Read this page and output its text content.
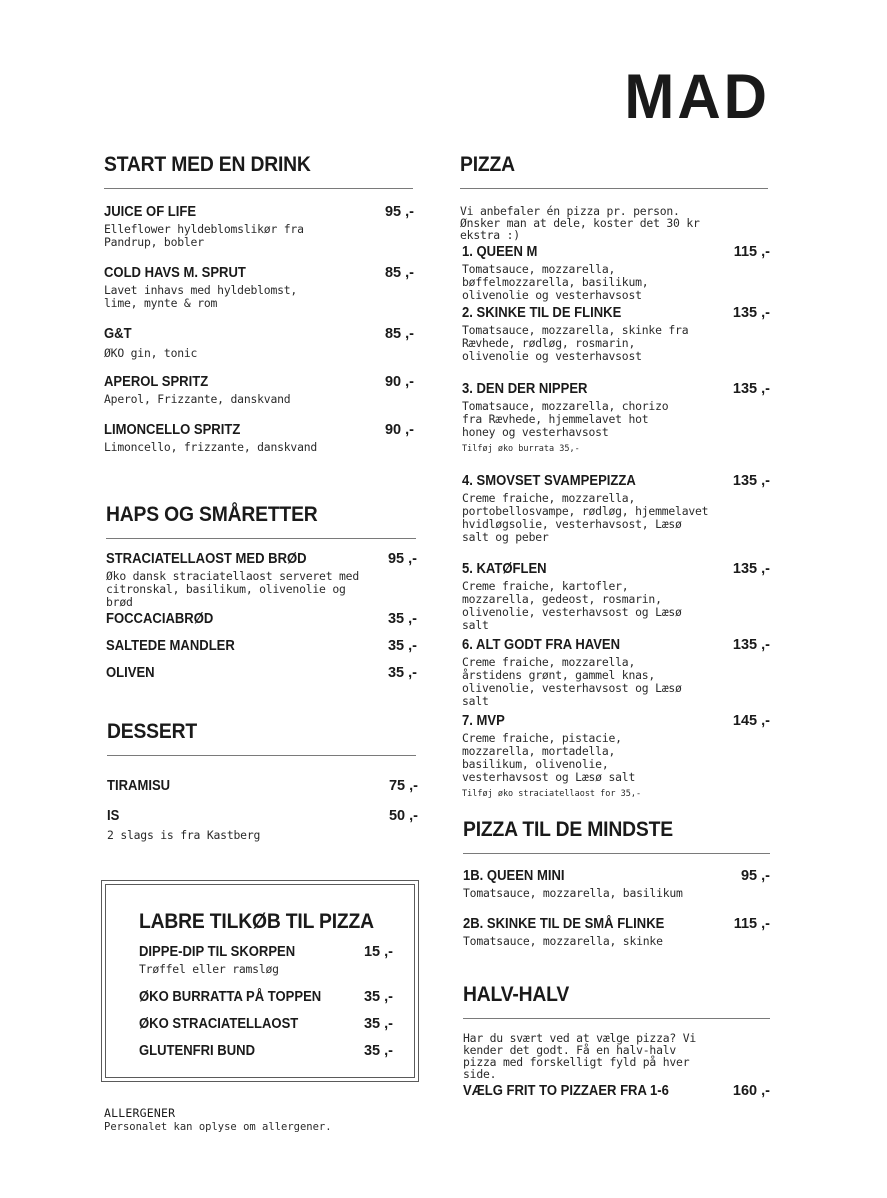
MAD
START MED EN DRINK
JUICE OF LIFE	95 ,-
Elleflower hyldeblomslikør fra Pandrup, bobler
COLD HAVS M. SPRUT	85 ,-
Lavet inhavs med hyldeblomst, lime, mynte & rom
G&T	85 ,-
ØKO gin, tonic
APEROL SPRITZ	90 ,-
Aperol, Frizzante, danskvand
LIMONCELLO SPRITZ	90 ,-
Limoncello, frizzante, danskvand
HAPS OG SMÅRETTER
STRACIATELLAOST MED BRØD	95 ,-
Øko dansk straciatellaost serveret med citronskal, basilikum, olivenolie og brød
FOCCACIABRØD	35 ,-
SALTEDE MANDLER	35 ,-
OLIVEN	35 ,-
DESSERT
TIRAMISU	75 ,-
IS	50 ,-
2 slags is fra Kastberg
ALLERGENER
Personalet kan oplyse om allergener.
LABRE TILKØB TIL PIZZA
DIPPE-DIP TIL SKORPEN	15 ,-
Trøffel eller ramsløg
ØKO BURRATTA PÅ TOPPEN	35 ,-
ØKO STRACIATELLAOST	35 ,-
GLUTENFRI BUND	35 ,-
PIZZA
Vi anbefaler én pizza pr. person. Ønsker man at dele, koster det 30 kr ekstra :)
1. QUEEN M	115 ,-
Tomatsauce, mozzarella, bøffelmozzarella, basilikum, olivenolie og vesterhavsost
2. SKINKE TIL DE FLINKE	135 ,-
Tomatsauce, mozzarella, skinke fra Rævhede, rødløg, rosmarin, olivenolie og vesterhavsost
3. DEN DER NIPPER	135 ,-
Tomatsauce, mozzarella, chorizo fra Rævhede, hjemmelavet hot honey og vesterhavsost
Tilføj øko burrata 35,-
4. SMOVSET SVAMPEPIZZA	135 ,-
Creme fraiche, mozzarella, portobellosvampe, rødløg, hjemmelavet hvidløgsolie, vesterhavsost, Læsø salt og peber
5. KATØFLEN	135 ,-
Creme fraiche, kartofler, mozzarella, gedeost, rosmarin, olivenolie, vesterhavsost og Læsø salt
6. ALT GODT FRA HAVEN	135 ,-
Creme fraiche, mozzarella, årstidens grønt, gammel knas, olivenolie, vesterhavsost og Læsø salt
7. MVP	145 ,-
Creme fraiche, pistacie, mozzarella, mortadella, basilikum, olivenolie, vesterhavsost og Læsø salt
Tilføj øko straciatellaost for 35,-
PIZZA TIL DE MINDSTE
1B. QUEEN MINI	95 ,-
Tomatsauce, mozzarella, basilikum
2B. SKINKE TIL DE SMÅ FLINKE	115 ,-
Tomatsauce, mozzarella, skinke
HALV-HALV
Har du svært ved at vælge pizza? Vi kender det godt. Få en halv-halv pizza med forskelligt fyld på hver side.
VÆLG FRIT TO PIZZAER FRA 1-6	160 ,-
